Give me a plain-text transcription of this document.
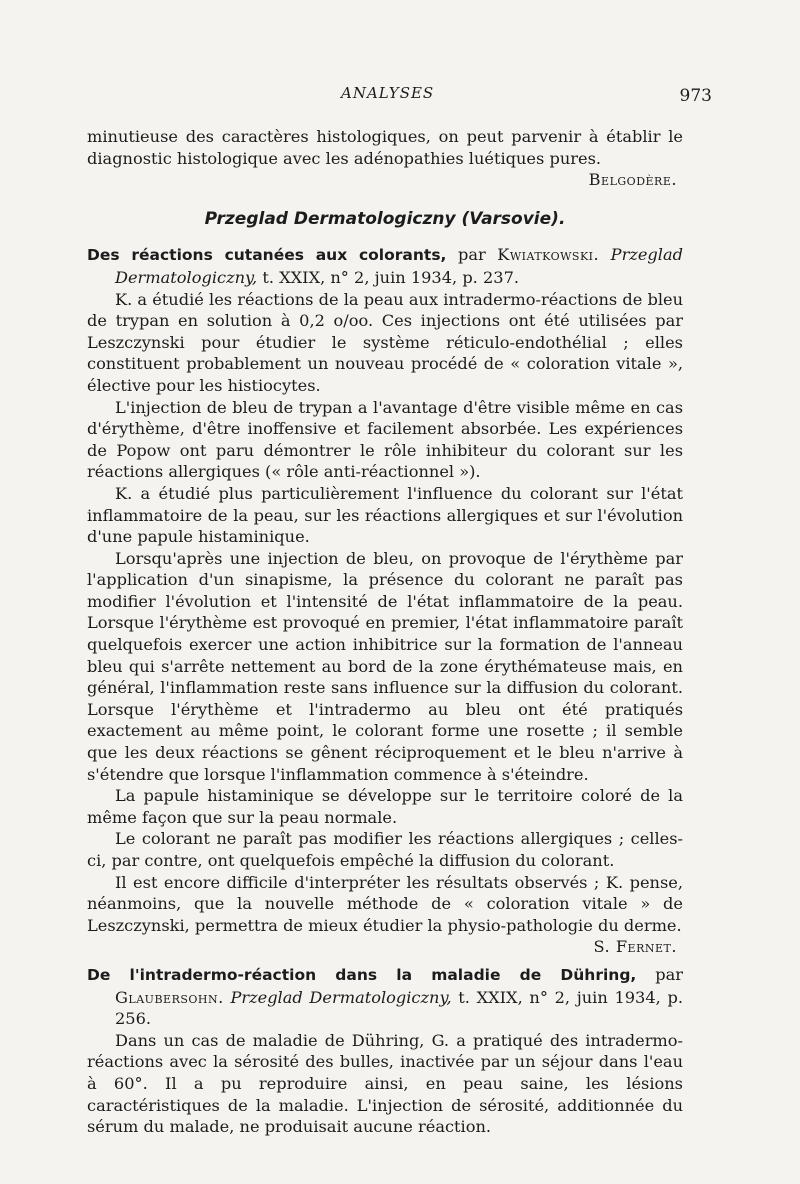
ANALYSES	973

minutieuse des caractères histologiques, on peut parvenir à établir le diagnostic histologique avec les adénopathies luétiques pures.

Belgodère.

Przeglad Dermatologiczny (Varsovie).

Des réactions cutanées aux colorants, par Kwiatkowski. Przeglad Dermatologiczny, t. XXIX, n° 2, juin 1934, p. 237.

K. a étudié les réactions de la peau aux intradermo-réactions de bleu de trypan en solution à 0,2 o/oo. Ces injections ont été utilisées par Leszczynski pour étudier le système réticulo-endothélial ; elles constituent probablement un nouveau procédé de « coloration vitale », élective pour les histiocytes.

L'injection de bleu de trypan a l'avantage d'être visible même en cas d'érythème, d'être inoffensive et facilement absorbée. Les expériences de Popow ont paru démontrer le rôle inhibiteur du colorant sur les réactions allergiques (« rôle anti-réactionnel »).

K. a étudié plus particulièrement l'influence du colorant sur l'état inflammatoire de la peau, sur les réactions allergiques et sur l'évolution d'une papule histaminique.

Lorsqu'après une injection de bleu, on provoque de l'érythème par l'application d'un sinapisme, la présence du colorant ne paraît pas modifier l'évolution et l'intensité de l'état inflammatoire de la peau. Lorsque l'érythème est provoqué en premier, l'état inflammatoire paraît quelquefois exercer une action inhibitrice sur la formation de l'anneau bleu qui s'arrête nettement au bord de la zone érythémateuse mais, en général, l'inflammation reste sans influence sur la diffusion du colorant. Lorsque l'érythème et l'intradermo au bleu ont été pratiqués exactement au même point, le colorant forme une rosette ; il semble que les deux réactions se gênent réciproquement et le bleu n'arrive à s'étendre que lorsque l'inflammation commence à s'éteindre.

La papule histaminique se développe sur le territoire coloré de la même façon que sur la peau normale.

Le colorant ne paraît pas modifier les réactions allergiques ; celles-ci, par contre, ont quelquefois empêché la diffusion du colorant.

Il est encore difficile d'interpréter les résultats observés ; K. pense, néanmoins, que la nouvelle méthode de « coloration vitale » de Leszczynski, permettra de mieux étudier la physio-pathologie du derme.

S. Fernet.

De l'intradermo-réaction dans la maladie de Dühring, par Glaubersohn. Przeglad Dermatologiczny, t. XXIX, n° 2, juin 1934, p. 256.

Dans un cas de maladie de Dühring, G. a pratiqué des intradermo-réactions avec la sérosité des bulles, inactivée par un séjour dans l'eau à 60°. Il a pu reproduire ainsi, en peau saine, les lésions caractéristiques de la maladie. L'injection de sérosité, additionnée du sérum du malade, ne produisait aucune réaction.
